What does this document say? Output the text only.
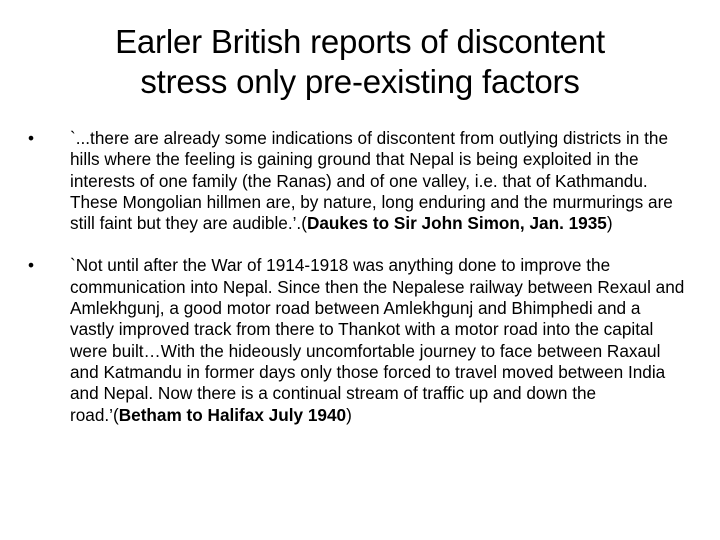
Earler British reports of discontent
stress only pre-existing factors
•	`...there are already some indications of discontent from outlying districts in the hills where the feeling is gaining ground that Nepal is being exploited in the interests of one family (the Ranas) and of one valley, i.e. that of Kathmandu. These Mongolian hillmen are, by nature, long enduring and the murmurings are still faint but they are audible.’.(Daukes to Sir John Simon, Jan. 1935)
•	`Not until after the War of 1914-1918 was anything done to improve the communication into Nepal. Since then the Nepalese railway between Rexaul and Amlekhgunj, a good motor road between Amlekhgunj and Bhimphedi and a vastly improved track from there to Thankot with a motor road into the capital were built…With the hideously uncomfortable journey to face between Raxaul and Katmandu in former days only those forced to travel moved between India and Nepal. Now there is a continual stream of traffic up and down the road.’(Betham to Halifax July 1940)
